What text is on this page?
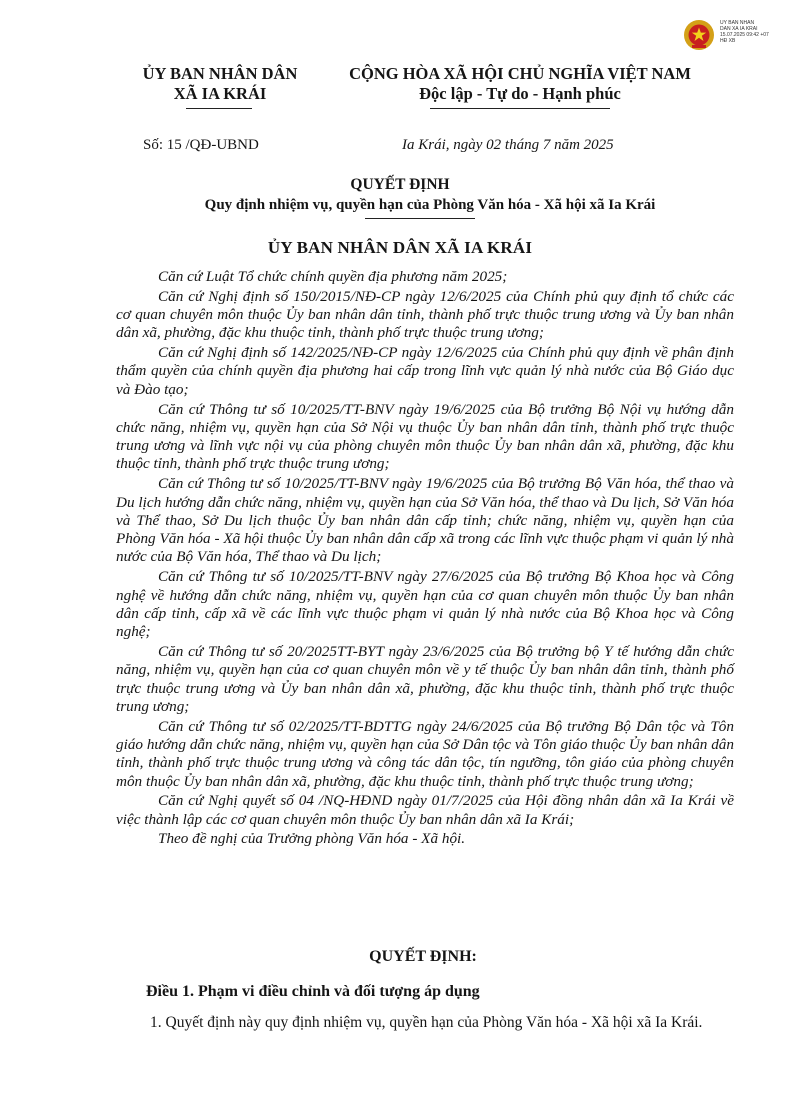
ỦY BAN NHÂN
DÂN XÃ IA KRÁI
15.07.2025 09:42 +07
HĐ XB
ỦY BAN NHÂN DÂN
XÃ IA KRÁI
CỘNG HÒA XÃ HỘI CHỦ NGHĨA VIỆT NAM
Độc lập - Tự do - Hạnh phúc
Số: 15 /QĐ-UBND	Ia Krái, ngày 02 tháng 7 năm 2025
QUYẾT ĐỊNH
Quy định nhiệm vụ, quyền hạn của Phòng Văn hóa - Xã hội xã Ia Krái
ỦY BAN NHÂN DÂN XÃ IA KRÁI

Căn cứ Luật Tổ chức chính quyền địa phương năm 2025;

Căn cứ Nghị định số 150/2015/NĐ-CP ngày 12/6/2025 của Chính phủ quy định tổ chức các cơ quan chuyên môn thuộc Ủy ban nhân dân tỉnh, thành phố trực thuộc trung ương và Ủy ban nhân dân xã, phường, đặc khu thuộc tỉnh, thành phố trực thuộc trung ương;

Căn cứ Nghị định số 142/2025/NĐ-CP ngày 12/6/2025 của Chính phủ quy định về phân định thẩm quyền của chính quyền địa phương hai cấp trong lĩnh vực quản lý nhà nước của Bộ Giáo dục và Đào tạo;

Căn cứ Thông tư số 10/2025/TT-BNV ngày 19/6/2025 của Bộ trưởng Bộ Nội vụ hướng dẫn chức năng, nhiệm vụ, quyền hạn của Sở Nội vụ thuộc Ủy ban nhân dân tỉnh, thành phố trực thuộc trung ương và lĩnh vực nội vụ của phòng chuyên môn thuộc Ủy ban nhân dân xã, phường, đặc khu thuộc tỉnh, thành phố trực thuộc trung ương;

Căn cứ Thông tư số 10/2025/TT-BNV ngày 19/6/2025 của Bộ trưởng Bộ Văn hóa, thể thao và Du lịch hướng dẫn chức năng, nhiệm vụ, quyền hạn của Sở Văn hóa, thể thao và Du lịch, Sở Văn hóa và Thể thao, Sở Du lịch thuộc Ủy ban nhân dân cấp tỉnh; chức năng, nhiệm vụ, quyền hạn của Phòng Văn hóa - Xã hội thuộc Ủy ban nhân dân cấp xã trong các lĩnh vực thuộc phạm vi quản lý nhà nước của Bộ Văn hóa, Thể thao và Du lịch;

Căn cứ Thông tư số 10/2025/TT-BNV ngày 27/6/2025 của Bộ trưởng Bộ Khoa học và Công nghệ về hướng dẫn chức năng, nhiệm vụ, quyền hạn của cơ quan chuyên môn thuộc Ủy ban nhân dân cấp tỉnh, cấp xã về các lĩnh vực thuộc phạm vi quản lý nhà nước của Bộ Khoa học và Công nghệ;

Căn cứ Thông tư số 20/2025TT-BYT ngày 23/6/2025 của Bộ trưởng bộ Y tế hướng dẫn chức năng, nhiệm vụ, quyền hạn của cơ quan chuyên môn về y tế thuộc Ủy ban nhân dân tỉnh, thành phố trực thuộc trung ương và Ủy ban nhân dân xã, phường, đặc khu thuộc tỉnh, thành phố trực thuộc trung ương;

Căn cứ Thông tư số 02/2025/TT-BDTTG ngày 24/6/2025 của Bộ trưởng Bộ Dân tộc và Tôn giáo hướng dẫn chức năng, nhiệm vụ, quyền hạn của Sở Dân tộc và Tôn giáo thuộc Ủy ban nhân dân tỉnh, thành phố trực thuộc trung ương và công tác dân tộc, tín ngưỡng, tôn giáo của phòng chuyên môn thuộc Ủy ban nhân dân xã, phường, đặc khu thuộc tỉnh, thành phố trực thuộc trung ương;

Căn cứ Nghị quyết số 04 /NQ-HĐND ngày 01/7/2025 của Hội đồng nhân dân xã Ia Krái về việc thành lập các cơ quan chuyên môn thuộc Ủy ban nhân dân xã Ia Krái;

Theo đề nghị của Trưởng phòng Văn hóa - Xã hội.

QUYẾT ĐỊNH:
Điều 1. Phạm vi điều chỉnh và đối tượng áp dụng
1. Quyết định này quy định nhiệm vụ, quyền hạn của Phòng Văn hóa - Xã hội xã Ia Krái.
